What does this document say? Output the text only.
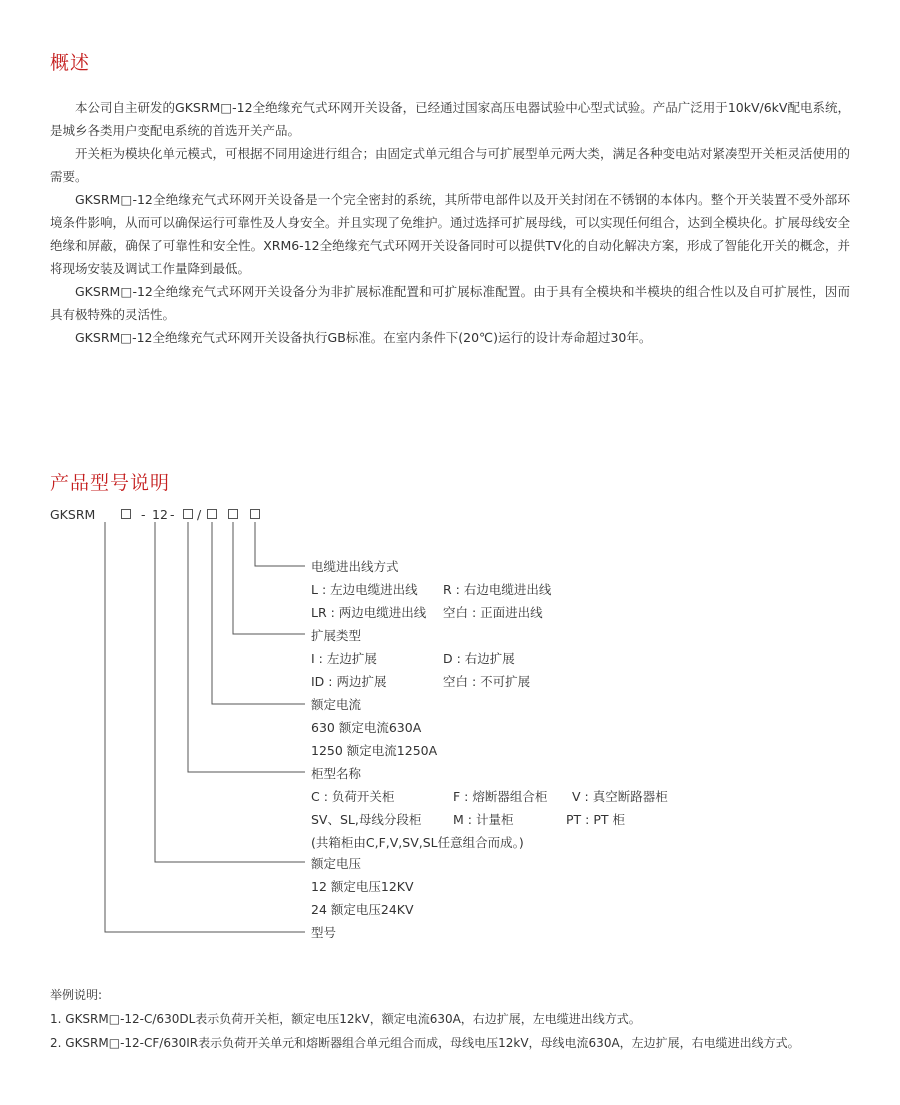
概述

本公司自主研发的GKSRM□-12全绝缘充气式环网开关设备，已经通过国家高压电器试验中心型式试验。产品广泛用于10kV/6kV配电系统，是城乡各类用户变配电系统的首选开关产品。

开关柜为模块化单元模式，可根据不同用途进行组合；由固定式单元组合与可扩展型单元两大类，满足各种变电站对紧凑型开关柜灵活使用的需要。

GKSRM□-12全绝缘充气式环网开关设备是一个完全密封的系统，其所带电部件以及开关封闭在不锈钢的本体内。整个开关装置不受外部环境条件影响，从而可以确保运行可靠性及人身安全。并且实现了免维护。通过选择可扩展母线，可以实现任何组合，达到全模块化。扩展母线安全绝缘和屏蔽，确保了可靠性和安全性。XRM6-12全绝缘充气式环网开关设备同时可以提供TV化的自动化解决方案，形成了智能化开关的概念，并将现场安装及调试工作量降到最低。

GKSRM□-12全绝缘充气式环网开关设备分为非扩展标准配置和可扩展标准配置。由于具有全模块和半模块的组合性以及自可扩展性，因而具有极特殊的灵活性。

GKSRM□-12全绝缘充气式环网开关设备执行GB标准。在室内条件下(20℃)运行的设计寿命超过30年。

产品型号说明
GKSRM	- 12 - /
电缆进出线方式
L : 左边电缆进出线 R : 右边电缆进出线
LR : 两边电缆进出线 空白 : 正面进出线
扩展类型
I : 左边扩展	D : 右边扩展
ID : 两边扩展	空白 : 不可扩展
额定电流
630 额定电流630A
1250 额定电流1250A
柜型名称
C : 负荷开关柜	F : 熔断器组合柜 V : 真空断路器柜
SV、SL,母线分段柜	M : 计量柜	PT : PT 柜
(共箱柜由C,F,V,SV,SL任意组合而成。)
额定电压
12 额定电压12KV
24 额定电压24KV
型号

举例说明:

1. GKSRM□-12-C/630DL表示负荷开关柜，额定电压12kV，额定电流630A，右边扩展，左电缆进出线方式。

2. GKSRM□-12-CF/630IR表示负荷开关单元和熔断器组合单元组合而成，母线电压12kV，母线电流630A，左边扩展，右电缆进出线方式。
